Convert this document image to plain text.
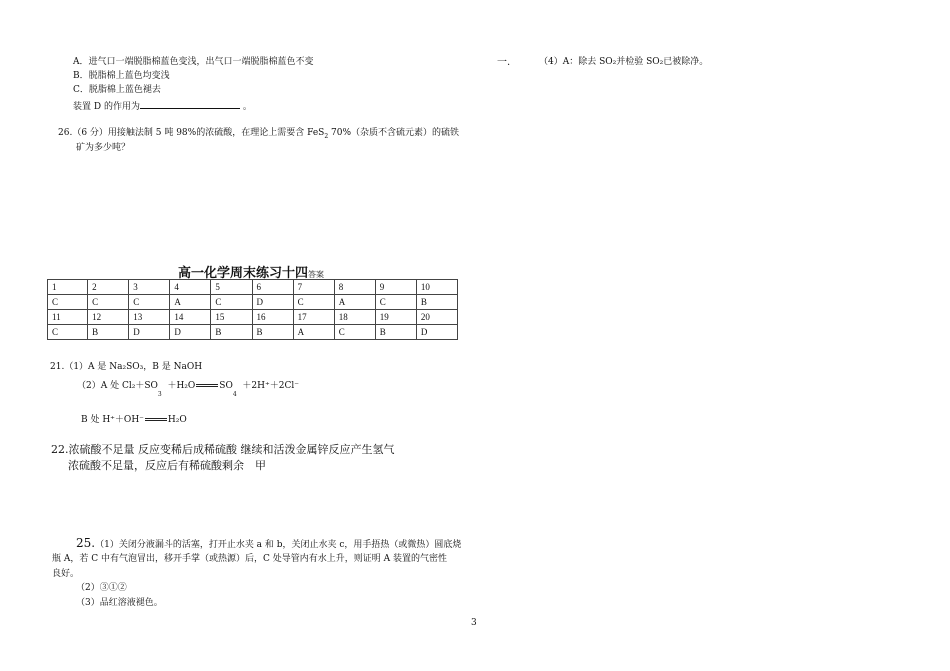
A．进气口一端脱脂棉蓝色变浅，出气口一端脱脂棉蓝色不变
B．脱脂棉上蓝色均变浅
C．脱脂棉上蓝色褪去
装置 D 的作用为	。
26.（6 分）用接触法制 5 吨 98%的浓硫酸，在理论上需要含 FeS$_2$ 70%（杂质不含硫元素）的硫铁
矿为多少吨？
高一化学周末练习十四答案
1	2	3	4	5	6	7	8	9	10
C	C	C	A	C	D	C	A	C	B
11	12	13	14	15	16	17	18	19	20
C	B	D	D	B	B	A	C	B	D
21.（1）A 是 Na₂SO₃，B 是 NaOH
（2）A 处 $Cl_2+SO_3 +H_2O$	$SO_4 +2H^++2Cl^-$
B 处 H⁺＋OH⁻	H₂O
22.浓硫酸不足量 反应变稀后成稀硫酸 继续和活泼金属锌反应产生氢气
浓硫酸不足量，反应后有稀硫酸剩余　甲
25.（1）关闭分液漏斗的活塞，打开止水夹 a 和 b，关闭止水夹 c，用手捂热（或微热）圆底烧
瓶 A，若 C 中有气泡冒出，移开手掌（或热源）后，C 处导管内有水上升，则证明 A 装置的气密性
良好。
（2）③①②
（3）品红溶液褪色。
一.	（4）A：除去 SO₂并检验 SO₂已被除净。
3
